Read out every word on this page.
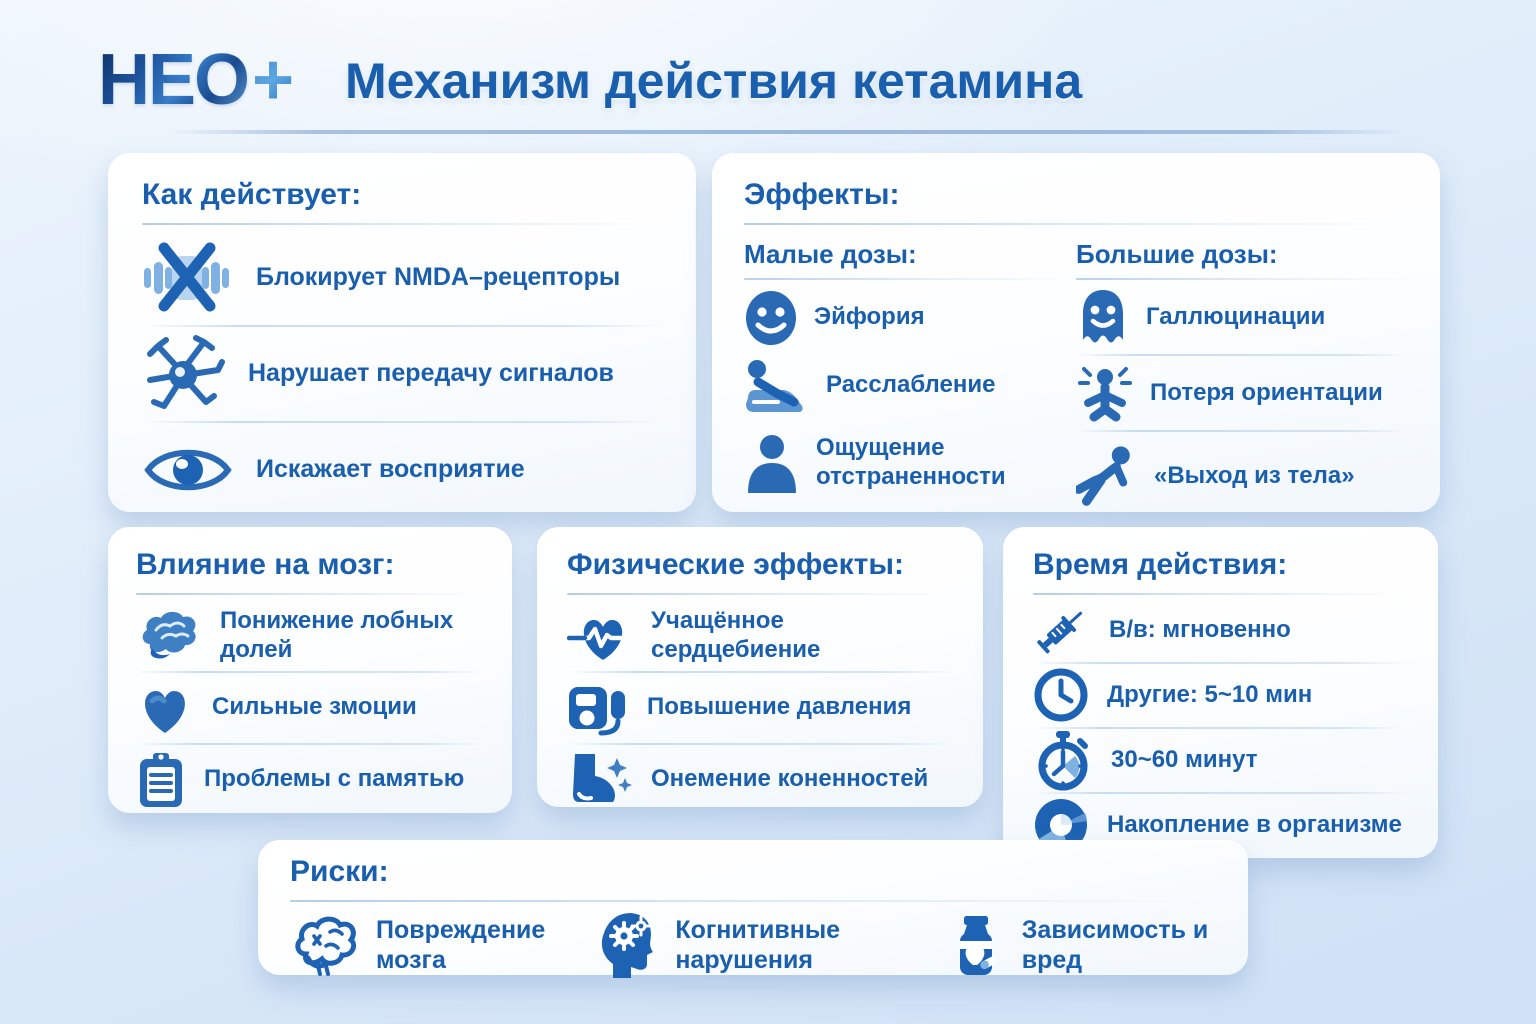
НЕО + Механизм действия кетамина
Как действует:
Блокирует NMDA–рецепторы
Нарушает передачу сигналов
Искажает восприятие
Эффекты:
Малые дозы:
Эйфория
Расслабление
Ощущение отстраненности
Большие дозы:
Галлюцинации
Потеря ориентации
«Выход из тела»
Влияние на мозг:
Понижение лобных долей
Сильные змоции
Проблемы с памятью
Физические эффекты:
Учащённое сердцебиение
Повышение давления
Онемение коненностей
Время действия:
В/в: мгновенно
Другие: 5~10 мин
30~60 минут
Накопление в организме
Риски:
Повреждение мозга
Когнитивные нарушения
Зависимость и вред
